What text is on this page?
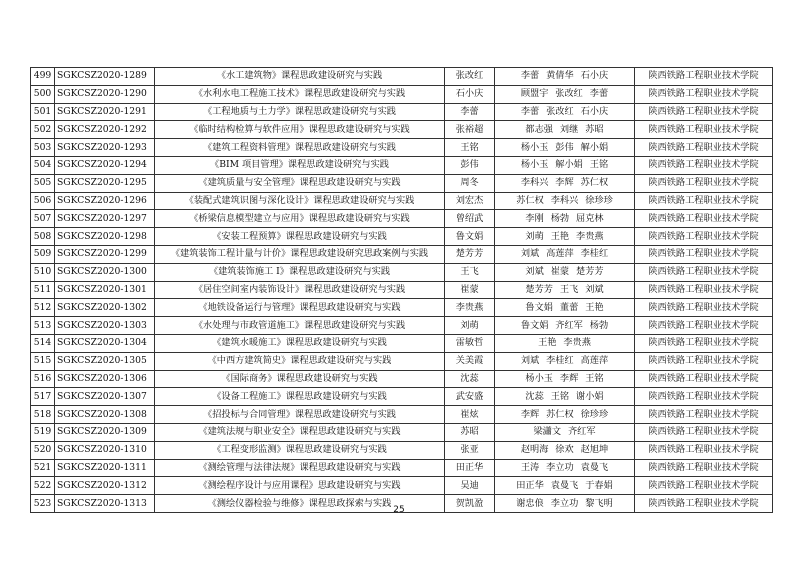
499	SGKCSZ2020-1289	《水工建筑物》课程思政建设研究与实践	张改红	李蕾 黄倩华 石小庆	陕西铁路工程职业技术学院
500	SGKCSZ2020-1290	《水利水电工程施工技术》课程思政建设研究与实践	石小庆	顾盟宇 张改红 李蕾	陕西铁路工程职业技术学院
501	SGKCSZ2020-1291	《工程地质与土力学》课程思政建设研究与实践	李蕾	李蕾 张改红 石小庆	陕西铁路工程职业技术学院
502	SGKCSZ2020-1292	《临时结构检算与软件应用》课程思政建设研究与实践	张裕超	都志强 刘继 苏昭	陕西铁路工程职业技术学院
503	SGKCSZ2020-1293	《建筑工程资料管理》课程思政建设研究与实践	王铭	杨小玉 彭伟 解小娟	陕西铁路工程职业技术学院
504	SGKCSZ2020-1294	《BIM 项目管理》课程思政建设研究与实践	彭伟	杨小玉 解小娟 王铭	陕西铁路工程职业技术学院
505	SGKCSZ2020-1295	《建筑质量与安全管理》课程思政建设研究与实践	周冬	李科兴 李辉 苏仁权	陕西铁路工程职业技术学院
506	SGKCSZ2020-1296	《装配式建筑识图与深化设计》课程思政建设研究与实践	刘宏杰	苏仁权 李科兴 徐珍珍	陕西铁路工程职业技术学院
507	SGKCSZ2020-1297	《桥梁信息模型建立与应用》课程思政建设研究与实践	曾绍武	李刚 杨勃 屈克林	陕西铁路工程职业技术学院
508	SGKCSZ2020-1298	《安装工程预算》课程思政建设研究与实践	鲁文娟	刘萌 王艳 李贵燕	陕西铁路工程职业技术学院
509	SGKCSZ2020-1299	《建筑装饰工程计量与计价》课程思政建设研究思政案例与实践	楚芳芳	刘斌 高莲萍 李桂红	陕西铁路工程职业技术学院
510	SGKCSZ2020-1300	《建筑装饰施工 I》课程思政建设研究与实践	王飞	刘斌 崔蒙 楚芳芳	陕西铁路工程职业技术学院
511	SGKCSZ2020-1301	《居住空间室内装饰设计》课程思政建设研究与实践	崔蒙	楚芳芳 王飞 刘斌	陕西铁路工程职业技术学院
512	SGKCSZ2020-1302	《地铁设备运行与管理》课程思政建设研究与实践	李贵燕	鲁文娟 董蕾 王艳	陕西铁路工程职业技术学院
513	SGKCSZ2020-1303	《水处理与市政管道施工》课程思政建设研究与实践	刘萌	鲁文娟 齐红军 杨勃	陕西铁路工程职业技术学院
514	SGKCSZ2020-1304	《建筑水暖施工》课程思政建设研究与实践	雷敏哲	王艳 李贵燕	陕西铁路工程职业技术学院
515	SGKCSZ2020-1305	《中西方建筑简史》课程思政建设研究与实践	关美霞	刘斌 李桂红 高莲萍	陕西铁路工程职业技术学院
516	SGKCSZ2020-1306	《国际商务》课程思政建设研究与实践	沈蕊	杨小玉 李辉 王铭	陕西铁路工程职业技术学院
517	SGKCSZ2020-1307	《设备工程施工》课程思政建设研究与实践	武安盛	沈蕊 王铭 谢小娟	陕西铁路工程职业技术学院
518	SGKCSZ2020-1308	《招投标与合同管理》课程思政建设研究与实践	崔炫	李辉 苏仁权 徐珍珍	陕西铁路工程职业技术学院
519	SGKCSZ2020-1309	《建筑法规与职业安全》课程思政建设研究与实践	苏昭	梁瀟文 齐红军	陕西铁路工程职业技术学院
520	SGKCSZ2020-1310	《工程变形监测》课程思政建设研究与实践	张亚	赵明海 徐欢 赵旭坤	陕西铁路工程职业技术学院
521	SGKCSZ2020-1311	《测绘管理与法律法规》课程思政建设研究与实践	田正华	王涛 李立功 袁曼飞	陕西铁路工程职业技术学院
522	SGKCSZ2020-1312	《测绘程序设计与应用课程》思政建设研究与实践	吴迪	田正华 袁曼飞 于春娟	陕西铁路工程职业技术学院
523	SGKCSZ2020-1313	《测绘仪器检验与维修》课程思政探索与实践	贺凯盈	谢忠俍 李立功 黎飞明	陕西铁路工程职业技术学院
25
